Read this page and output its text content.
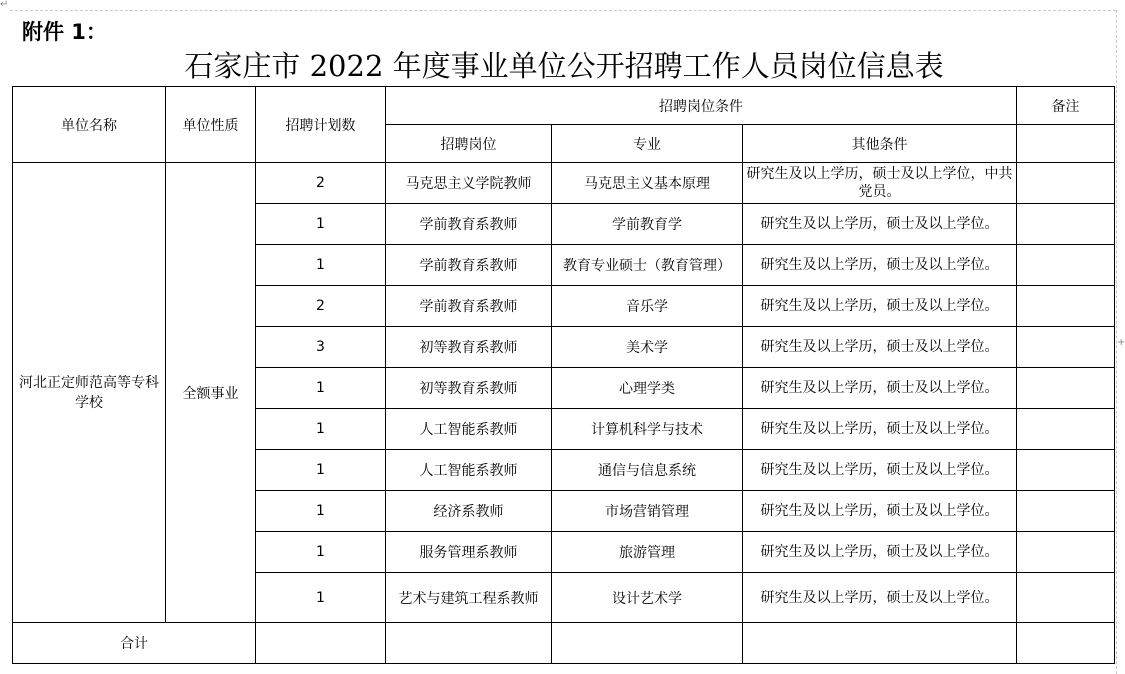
↵
+
附件 1：
石家庄市 2022 年度事业单位公开招聘工作人员岗位信息表
单位名称	单位性质	招聘计划数	招聘岗位条件			备注
			招聘岗位	专业	其他条件	
河北正定师范高等专科学校	全额事业	2	马克思主义学院教师	马克思主义基本原理	研究生及以上学历，硕士及以上学位，中共党员。	
		1	学前教育系教师	学前教育学	研究生及以上学历，硕士及以上学位。	
		1	学前教育系教师	教育专业硕士（教育管理）	研究生及以上学历，硕士及以上学位。	
		2	学前教育系教师	音乐学	研究生及以上学历，硕士及以上学位。	
		3	初等教育系教师	美术学	研究生及以上学历，硕士及以上学位。	
		1	初等教育系教师	心理学类	研究生及以上学历，硕士及以上学位。	
		1	人工智能系教师	计算机科学与技术	研究生及以上学历，硕士及以上学位。	
		1	人工智能系教师	通信与信息系统	研究生及以上学历，硕士及以上学位。	
		1	经济系教师	市场营销管理	研究生及以上学历，硕士及以上学位。	
		1	服务管理系教师	旅游管理	研究生及以上学历，硕士及以上学位。	
		1	艺术与建筑工程系教师	设计艺术学	研究生及以上学历，硕士及以上学位。	
合计						
